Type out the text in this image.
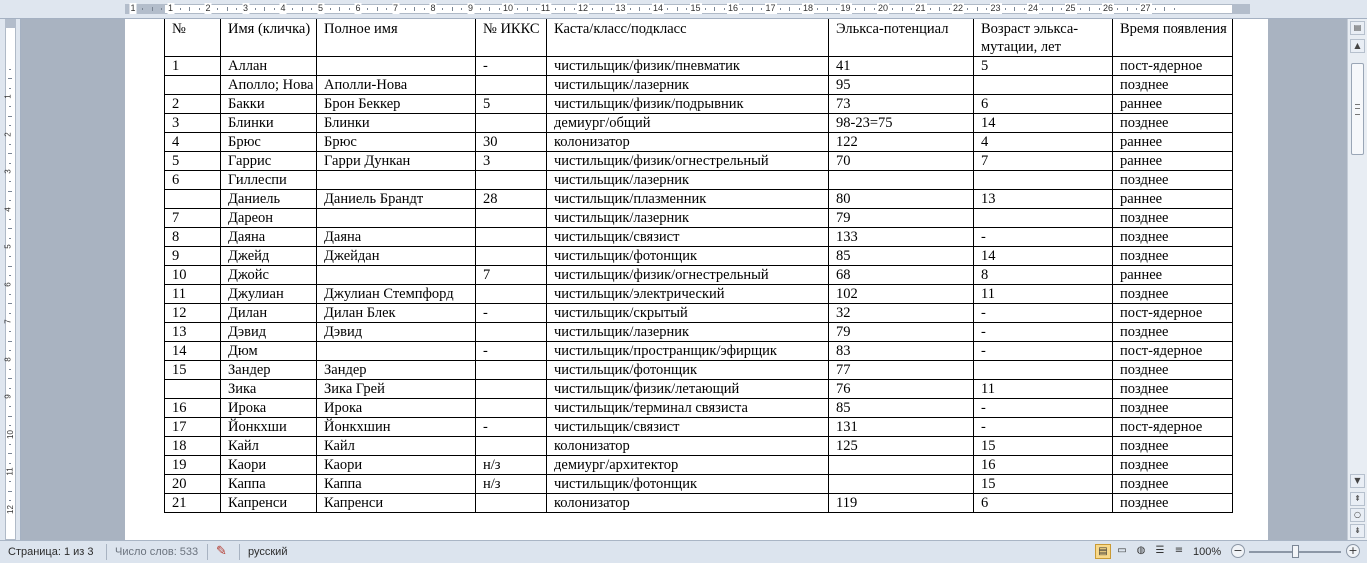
1	1	2	3	4	5	6	7	8	9	10	11	12	13	14	15	16	17	18	19	20	21	22	23	24	25	26	27
1
2
3
4
5
6
7
8
9
10
11
12
№	Имя (кличка)	Полное имя	№ ИККС	Каста/класс/подкласс	Элькса-потенциал	Возраст элькса-мутации, лет	Время появления
1	Аллан		-	чистильщик/физик/пневматик	41	5	пост-ядерное
	Аполло; Нова	Аполли-Нова		чистильщик/лазерник	95		позднее
2	Бакки	Брон Беккер	5	чистильщик/физик/подрывник	73	6	раннее
3	Блинки	Блинки		демиург/общий	98-23=75	14	позднее
4	Брюс	Брюс	30	колонизатор	122	4	раннее
5	Гаррис	Гарри Дункан	3	чистильщик/физик/огнестрельный	70	7	раннее
6	Гиллеспи			чистильщик/лазерник			позднее
	Даниель	Даниель Брандт	28	чистильщик/плазменник	80	13	раннее
7	Дареон			чистильщик/лазерник	79		позднее
8	Даяна	Даяна		чистильщик/связист	133	-	позднее
9	Джейд	Джейдан		чистильщик/фотонщик	85	14	позднее
10	Джойс		7	чистильщик/физик/огнестрельный	68	8	раннее
11	Джулиан	Джулиан Стемпфорд		чистильщик/электрический	102	11	позднее
12	Дилан	Дилан Блек	-	чистильщик/скрытый	32	-	пост-ядерное
13	Дэвид	Дэвид		чистильщик/лазерник	79	-	позднее
14	Дюм		-	чистильщик/пространщик/эфирщик	83	-	пост-ядерное
15	Зандер	Зандер		чистильщик/фотонщик	77		позднее
	Зика	Зика Грей		чистильщик/физик/летающий	76	11	позднее
16	Ирока	Ирока		чистильщик/терминал связиста	85	-	позднее
17	Йонкхши	Йонкхшин	-	чистильщик/связист	131	-	пост-ядерное
18	Кайл	Кайл		колонизатор	125	15	позднее
19	Каори	Каори	н/з	демиург/архитектор		16	позднее
20	Каппа	Каппа	н/з	чистильщик/фотонщик		15	позднее
21	Капренси	Капренси		колонизатор	119	6	позднее
▤
▲
▼
⇞
○
⇟
Страница: 1 из 3 Число слов: 533 ✎ русский	▤ ▭ ◍	☰	≡ 100% −	+
